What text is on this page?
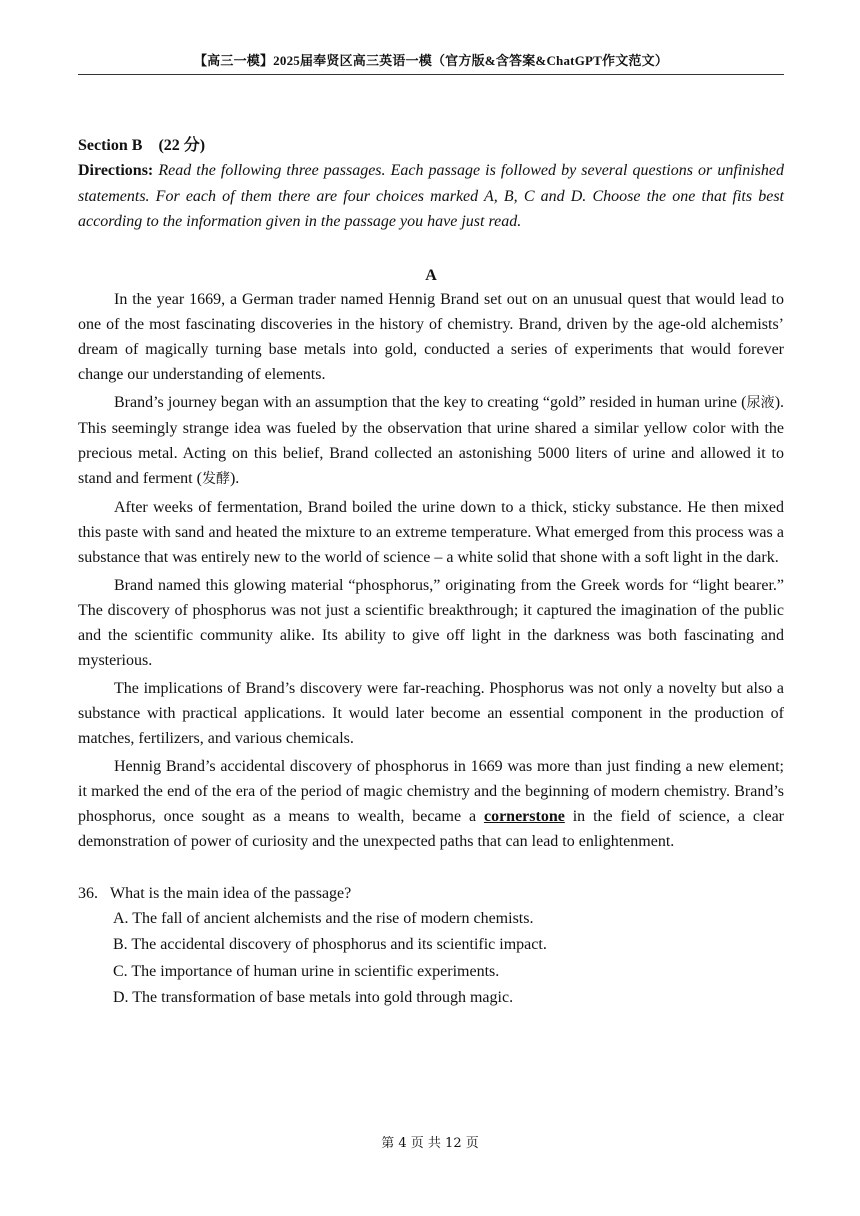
【高三一模】2025届奉贤区高三英语一模（官方版&含答案&ChatGPT作文范文）
Section B (22 分)
Directions: Read the following three passages. Each passage is followed by several questions or unfinished statements. For each of them there are four choices marked A, B, C and D. Choose the one that fits best according to the information given in the passage you have just read.
A

In the year 1669, a German trader named Hennig Brand set out on an unusual quest that would lead to one of the most fascinating discoveries in the history of chemistry. Brand, driven by the age-old alchemists’ dream of magically turning base metals into gold, conducted a series of experiments that would forever change our understanding of elements.

Brand’s journey began with an assumption that the key to creating “gold” resided in human urine (尿液). This seemingly strange idea was fueled by the observation that urine shared a similar yellow color with the precious metal. Acting on this belief, Brand collected an astonishing 5000 liters of urine and allowed it to stand and ferment (发酵).

After weeks of fermentation, Brand boiled the urine down to a thick, sticky substance. He then mixed this paste with sand and heated the mixture to an extreme temperature. What emerged from this process was a substance that was entirely new to the world of science – a white solid that shone with a soft light in the dark.

Brand named this glowing material “phosphorus,” originating from the Greek words for “light bearer.” The discovery of phosphorus was not just a scientific breakthrough; it captured the imagination of the public and the scientific community alike. Its ability to give off light in the darkness was both fascinating and mysterious.

The implications of Brand’s discovery were far-reaching. Phosphorus was not only a novelty but also a substance with practical applications. It would later become an essential component in the production of matches, fertilizers, and various chemicals.

Hennig Brand’s accidental discovery of phosphorus in 1669 was more than just finding a new element; it marked the end of the era of the period of magic chemistry and the beginning of modern chemistry. Brand’s phosphorus, once sought as a means to wealth, became a cornerstone in the field of science, a clear demonstration of power of curiosity and the unexpected paths that can lead to enlightenment.

36. What is the main idea of the passage?
A. The fall of ancient alchemists and the rise of modern chemists.
B. The accidental discovery of phosphorus and its scientific impact.
C. The importance of human urine in scientific experiments.
D. The transformation of base metals into gold through magic.
第 4 页 共 12 页
